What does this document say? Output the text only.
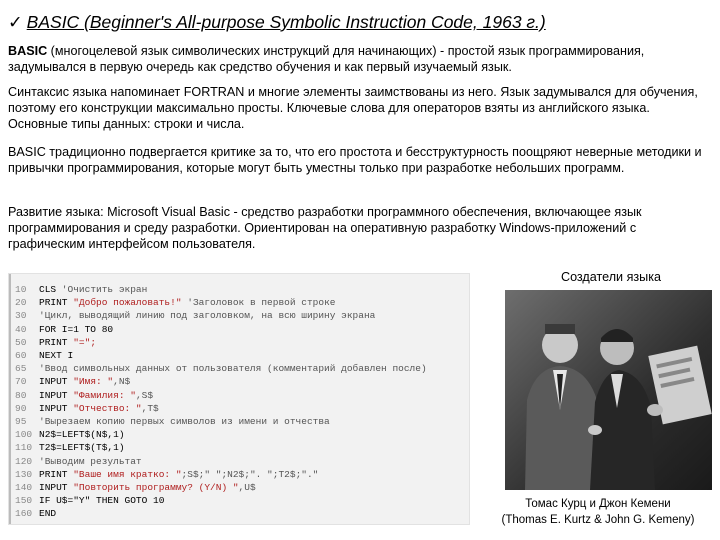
✓ BASIC (Beginner's All-purpose Symbolic Instruction Code, 1963 г.)
BASIC (многоцелевой язык символических инструкций для начинающих) - простой язык программирования, задумывался в первую очередь как средство обучения и как первый изучаемый язык.
Синтаксис языка напоминает FORTRAN и многие элементы заимствованы из него. Язык задумывался для обучения, поэтому его конструкции максимально просты. Ключевые слова для операторов взяты из английского языка. Основные типы данных: строки и числа.
BASIC традиционно подвергается критике за то, что его простота и бесструктурность поощряют неверные методики и привычки программирования, которые могут быть уместны только при разработке небольших программ.
Развитие языка: Microsoft Visual Basic - средство разработки программного обеспечения, включающее язык программирования и среду разработки. Ориентирован на оперативную разработку Windows-приложений с графическим интерфейсом пользователя.
10 CLS 'Очистить экран
20 PRINT "Добро пожаловать!" 'Заголовок в первой строке
30 'Цикл, выводящий линию под заголовком, на всю ширину экрана
40 FOR I=1 TO 80
50 PRINT "=";
60 NEXT I
65 'Ввод символьных данных от пользователя (комментарий добавлен после)
70 INPUT "Имя: ",N$
80 INPUT "Фамилия: ",S$
90 INPUT "Отчество: ",T$
95 'Вырезаем копию первых символов из имени и отчества
100 N2$=LEFT$(N$,1)
110 T2$=LEFT$(T$,1)
120 'Выводим результат
130 PRINT "Ваше имя кратко: ";S$;" ";N2$;". ";T2$;"."
140 INPUT "Повторить программу? (Y/N) ",U$
150 IF U$="Y" THEN GOTO 10
160 END
Создатели языка
Томас Курц и Джон Кемени
(Thomas E. Kurtz & John G. Kemeny)
